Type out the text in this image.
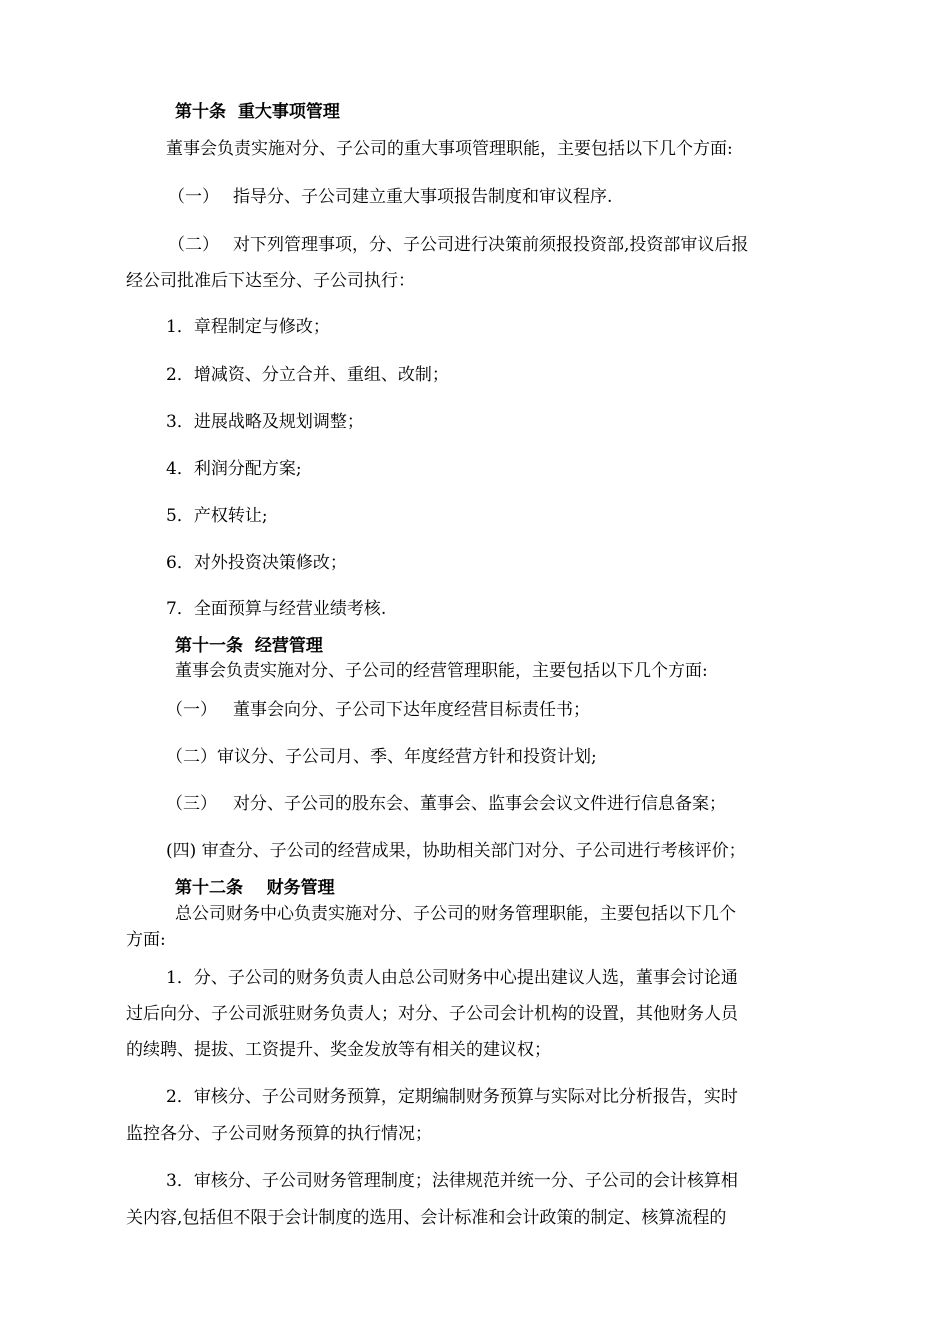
第十条  重大事项管理
董事会负责实施对分、子公司的重大事项管理职能，主要包括以下几个方面:
（一） 指导分、子公司建立重大事项报告制度和审议程序.
（二） 对下列管理事项，分、子公司进行决策前须报投资部,投资部审议后报
经公司批准后下达至分、子公司执行：
1．章程制定与修改；
2．增减资、分立合并、重组、改制；
3．进展战略及规划调整；
4．利润分配方案;
5．产权转让;
6．对外投资决策修改；
7．全面预算与经营业绩考核.
第十一条  经营管理
董事会负责实施对分、子公司的经营管理职能，主要包括以下几个方面:
（一） 董事会向分、子公司下达年度经营目标责任书；
（二）审议分、子公司月、季、年度经营方针和投资计划;
（三） 对分、子公司的股东会、董事会、监事会会议文件进行信息备案；
(四) 审查分、子公司的经营成果，协助相关部门对分、子公司进行考核评价；
第十二条    财务管理
总公司财务中心负责实施对分、子公司的财务管理职能，主要包括以下几个
方面:
1．分、子公司的财务负责人由总公司财务中心提出建议人选，董事会讨论通
过后向分、子公司派驻财务负责人；对分、子公司会计机构的设置，其他财务人员
的续聘、提拔、工资提升、奖金发放等有相关的建议权；
2．审核分、子公司财务预算，定期编制财务预算与实际对比分析报告，实时
监控各分、子公司财务预算的执行情况；
3．审核分、子公司财务管理制度；法律规范并统一分、子公司的会计核算相
关内容,包括但不限于会计制度的选用、会计标准和会计政策的制定、核算流程的
